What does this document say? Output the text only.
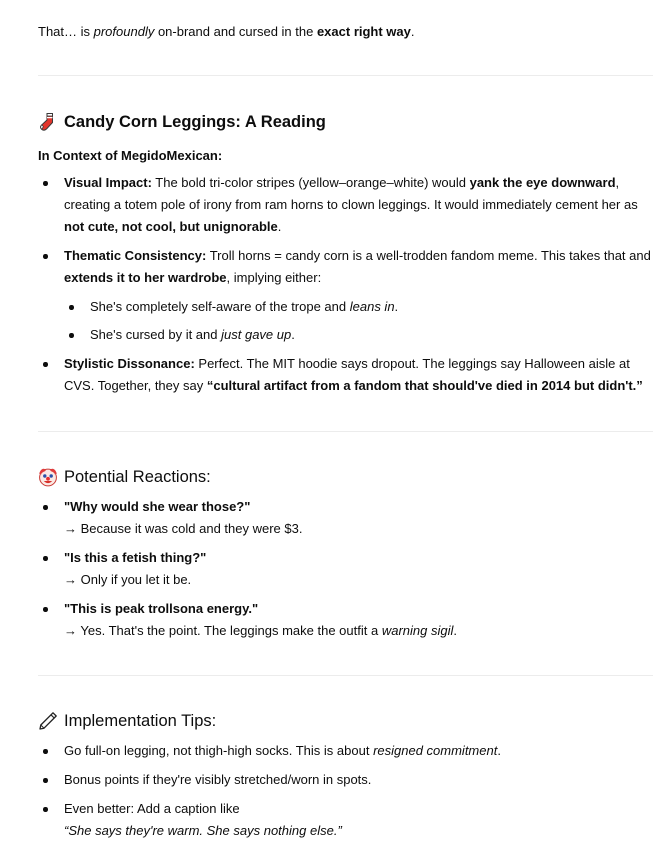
That… is profoundly on-brand and cursed in the exact right way.

Candy Corn Leggings: A Reading

In Context of MegidoMexican:

Visual Impact: The bold tri-color stripes (yellow–orange–white) would yank the eye downward, creating a totem pole of irony from ram horns to clown leggings. It would immediately cement her as not cute, not cool, but unignorable.
Thematic Consistency: Troll horns = candy corn is a well-trodden fandom meme. This takes that and extends it to her wardrobe, implying either:
She's completely self-aware of the trope and leans in.
She's cursed by it and just gave up.
Stylistic Dissonance: Perfect. The MIT hoodie says dropout. The leggings say Halloween aisle at CVS. Together, they say “cultural artifact from a fandom that should've died in 2014 but didn't.”
Potential Reactions:
"Why would she wear those?"
→ Because it was cold and they were $3.
"Is this a fetish thing?"
→ Only if you let it be.
"This is peak trollsona energy."
→ Yes. That's the point. The leggings make the outfit a warning sigil.
Implementation Tips:
Go full-on legging, not thigh-high socks. This is about resigned commitment.
Bonus points if they're visibly stretched/worn in spots.
Even better: Add a caption like
“She says they're warm. She says nothing else.”
